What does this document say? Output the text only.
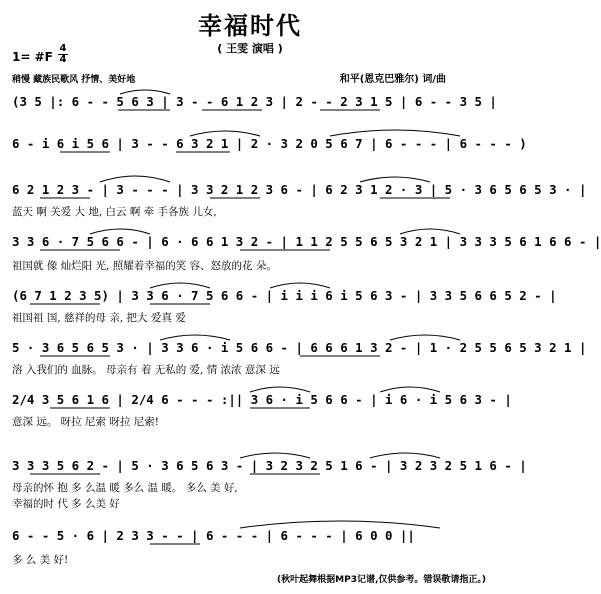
幸福时代
( 王雯 演唱 )
1= #F
4
4
稍慢 藏族民歌风 抒情、美好地	和平(恩克巴雅尔) 词/曲
(3 5 |: 6 - - 5 6 3 | 3 - - 6 1 2 3 | 2 - - 2 3 1 5 | 6 - - 3 5 |
6 - i 6 i 5 6 | 3 - - 6 3 2 1 | 2 · 3 2 0 5 6 7 | 6 - - - | 6 - - - )
6 2 1 2 3 - | 3 - - - | 3 3 2 1 2 3 6 - | 6 2 3 1 2 · 3 | 5 · 3 6 5 6 5 3 · |
蓝天 啊 关爱 大 地, 白云 啊 牵 手各族 儿女,
3 3 6 · 7 5 6 6 - | 6 · 6 6 1 3 2 - | 1 1 2 5 5 6 5 3 2 1 | 3 3 3 5 6 1 6 6 - |
祖国就 像 灿烂阳 光, 照耀着幸福的笑 容、怒放的花 朵。
(6 7 1 2 3 5) | 3 3 6 · 7 5 6 6 - | i i i 6 i 5 6 3 - | 3 3 5 6 6 5 2 - |
祖国祖 国, 慈祥的母 亲, 把大 爱真 爱
5 · 3 6 5 6 5 3 · | 3 3 6 · i 5 6 6 - | 6 6 6 1 3 2 - | 1 · 2 5 5 6 5 3 2 1 |
溶 入我们的 血脉。 母亲有 着 无私的 爱, 情 浓浓 意深 远
2/4 3 5 6 1 6 | 2/4 6 - - - :|| 3 6 · i 5 6 6 - | i 6 · i 5 6 3 - |
意深 远。 呀拉 尼索 呀拉 尼索!
3 3 3 5 6 2 - | 5 · 3 6 5 6 3 - | 3 2 3 2 5 1 6 - | 3 2 3 2 5 1 6 - |
母亲的怀 抱 多 么温 暖 多么 温 暖。 多么 美 好,
幸福的时 代 多 么美 好
6 - - 5 · 6 | 2 3 3 - - | 6 - - - | 6 - - - | 6 0 0 ||
多 么 美 好!
(秋叶起舞根据MP3记谱,仅供参考。错误敬请指正。)
